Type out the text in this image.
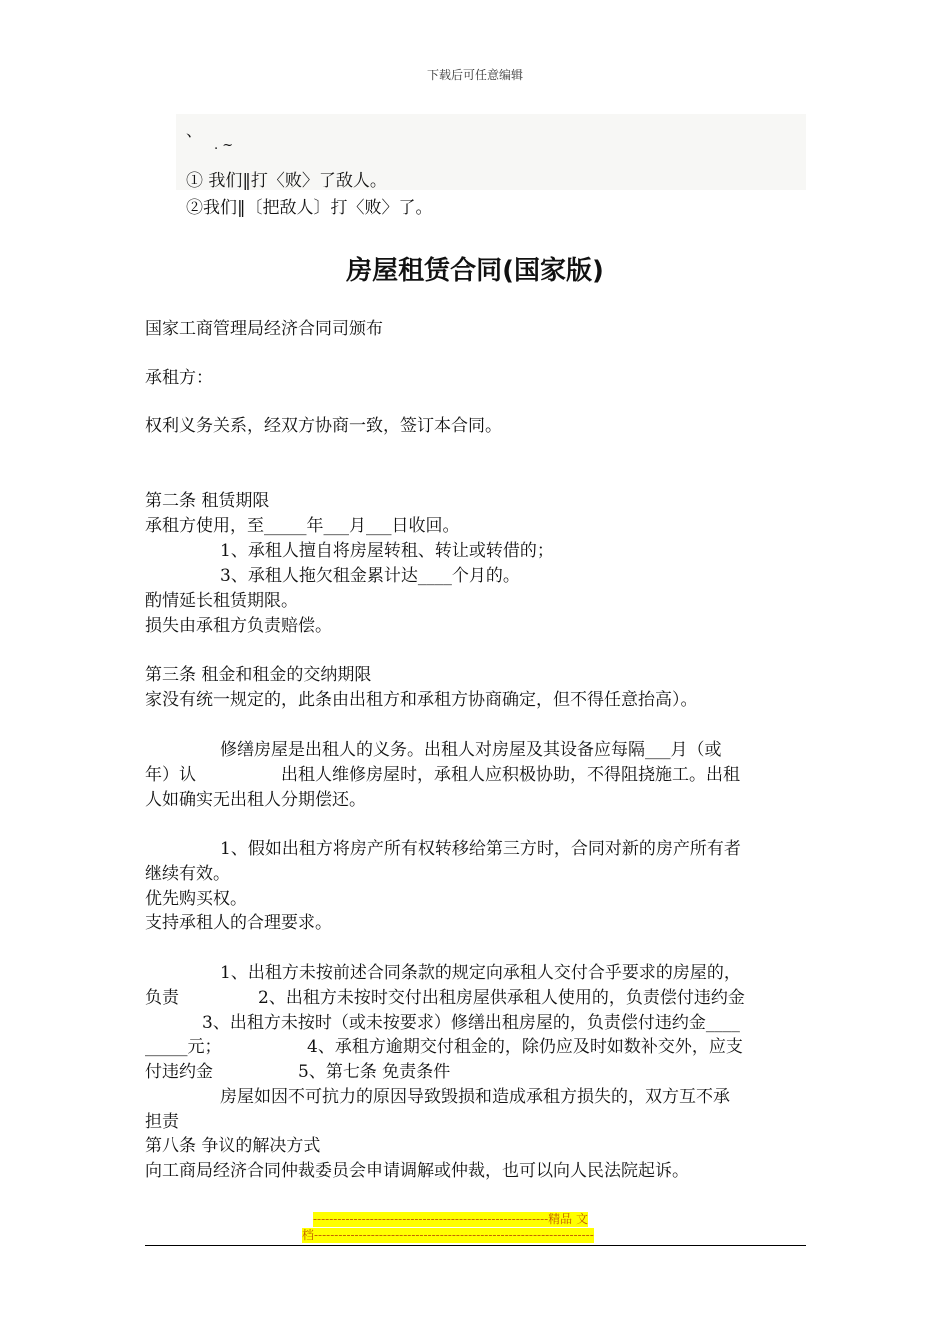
下载后可任意编辑
、
. ~
① 我们‖打〈败〉了敌人。
②我们‖〔把敌人〕打〈败〉了。
房屋租赁合同(国家版)
国家工商管理局经济合同司颁布
承租方：
权利义务关系，经双方协商一致，签订本合同。
第二条 租赁期限
承租方使用，至_____年___月___日收回。
1、承租人擅自将房屋转租、转让或转借的；
3、承租人拖欠租金累计达____个月的。
酌情延长租赁期限。
损失由承租方负责赔偿。
第三条 租金和租金的交纳期限
家没有统一规定的，此条由出租方和承租方协商确定，但不得任意抬高）。
修缮房屋是出租人的义务。出租人对房屋及其设备应每隔___月（或
年）认	出租人维修房屋时，承租人应积极协助，不得阻挠施工。出租
人如确实无出租人分期偿还。
1、假如出租方将房产所有权转移给第三方时，合同对新的房产所有者
继续有效。
优先购买权。
支持承租人的合理要求。
1、出租方未按前述合同条款的规定向承租人交付合乎要求的房屋的，
负责	2、出租方未按时交付出租房屋供承租人使用的，负责偿付违约金
3、出租方未按时（或未按要求）修缮出租房屋的，负责偿付违约金____
_____元；	4、承租方逾期交付租金的，除仍应及时如数补交外，应支
付违约金	5、第七条 免责条件
房屋如因不可抗力的原因导致毁损和造成承租方损失的，双方互不承
担责
第八条 争议的解决方式
向工商局经济合同仲裁委员会申请调解或仲裁，也可以向人民法院起诉。
----------------------------------------------------------精品 文
档---------------------------------------------------------------------
